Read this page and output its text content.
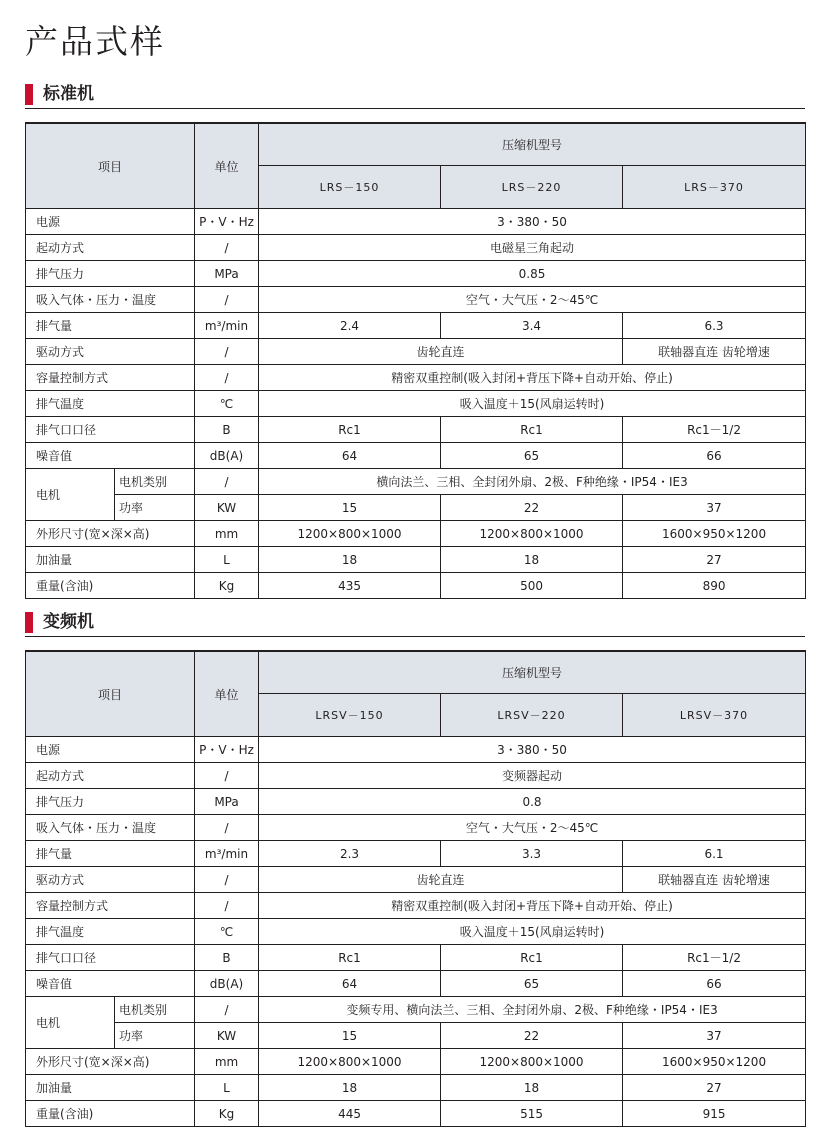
产品式样
标准机
项目		单位	压缩机型号		
			LRS－150	LRS－220	LRS－370
电源		P・V・Hz	3・380・50		
起动方式		/	电磁星三角起动		
排气压力		MPa	0.85		
吸入气体・压力・温度		/	空气・大气压・2～45℃		
排气量		m³/min	2.4	3.4	6.3
驱动方式		/	齿轮直连		联轴器直连 齿轮增速
容量控制方式		/	精密双重控制(吸入封闭+背压下降+自动开始、停止)		
排气温度		℃	吸入温度＋15(风扇运转时)		
排气口口径		B	Rc1	Rc1	Rc1－1/2
噪音值		dB(A)	64	65	66
电机	电机类别	/	横向法兰、三相、全封闭外扇、2极、F种绝缘・IP54・IE3		
	功率	KW	15	22	37
外形尺寸(宽×深×高)		mm	1200×800×1000	1200×800×1000	1600×950×1200
加油量		L	18	18	27
重量(含油)		Kg	435	500	890
变频机
项目		单位	压缩机型号		
			LRSV－150	LRSV－220	LRSV－370
电源		P・V・Hz	3・380・50		
起动方式		/	变频器起动		
排气压力		MPa	0.8		
吸入气体・压力・温度		/	空气・大气压・2～45℃		
排气量		m³/min	2.3	3.3	6.1
驱动方式		/	齿轮直连		联轴器直连 齿轮增速
容量控制方式		/	精密双重控制(吸入封闭+背压下降+自动开始、停止)		
排气温度		℃	吸入温度＋15(风扇运转时)		
排气口口径		B	Rc1	Rc1	Rc1－1/2
噪音值		dB(A)	64	65	66
电机	电机类别	/	变频专用、横向法兰、三相、全封闭外扇、2极、F种绝缘・IP54・IE3		
	功率	KW	15	22	37
外形尺寸(宽×深×高)		mm	1200×800×1000	1200×800×1000	1600×950×1200
加油量		L	18	18	27
重量(含油)		Kg	445	515	915
